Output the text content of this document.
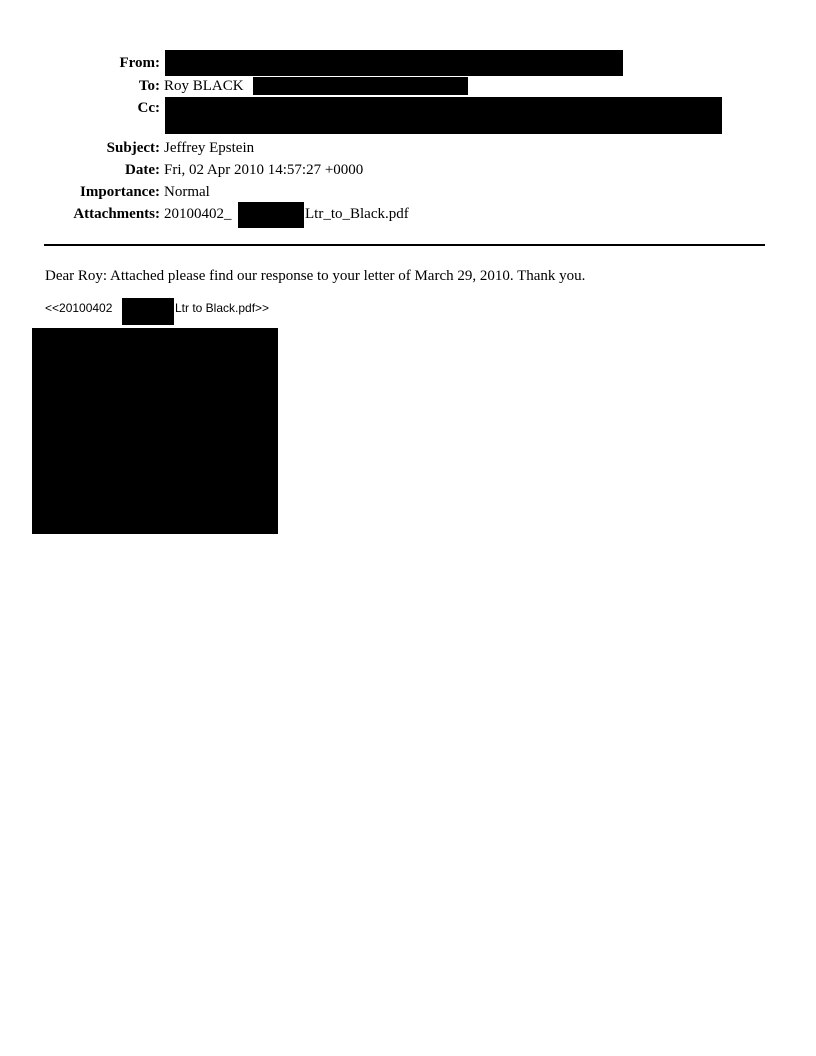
From:
To: Roy BLACK
Cc:
Subject: Jeffrey Epstein
Date: Fri, 02 Apr 2010 14:57:27 +0000
Importance: Normal
Attachments: 20100402_	Ltr_to_Black.pdf
Dear Roy: Attached please find our response to your letter of March 29, 2010. Thank you.
<<20100402	Ltr to Black.pdf>>
